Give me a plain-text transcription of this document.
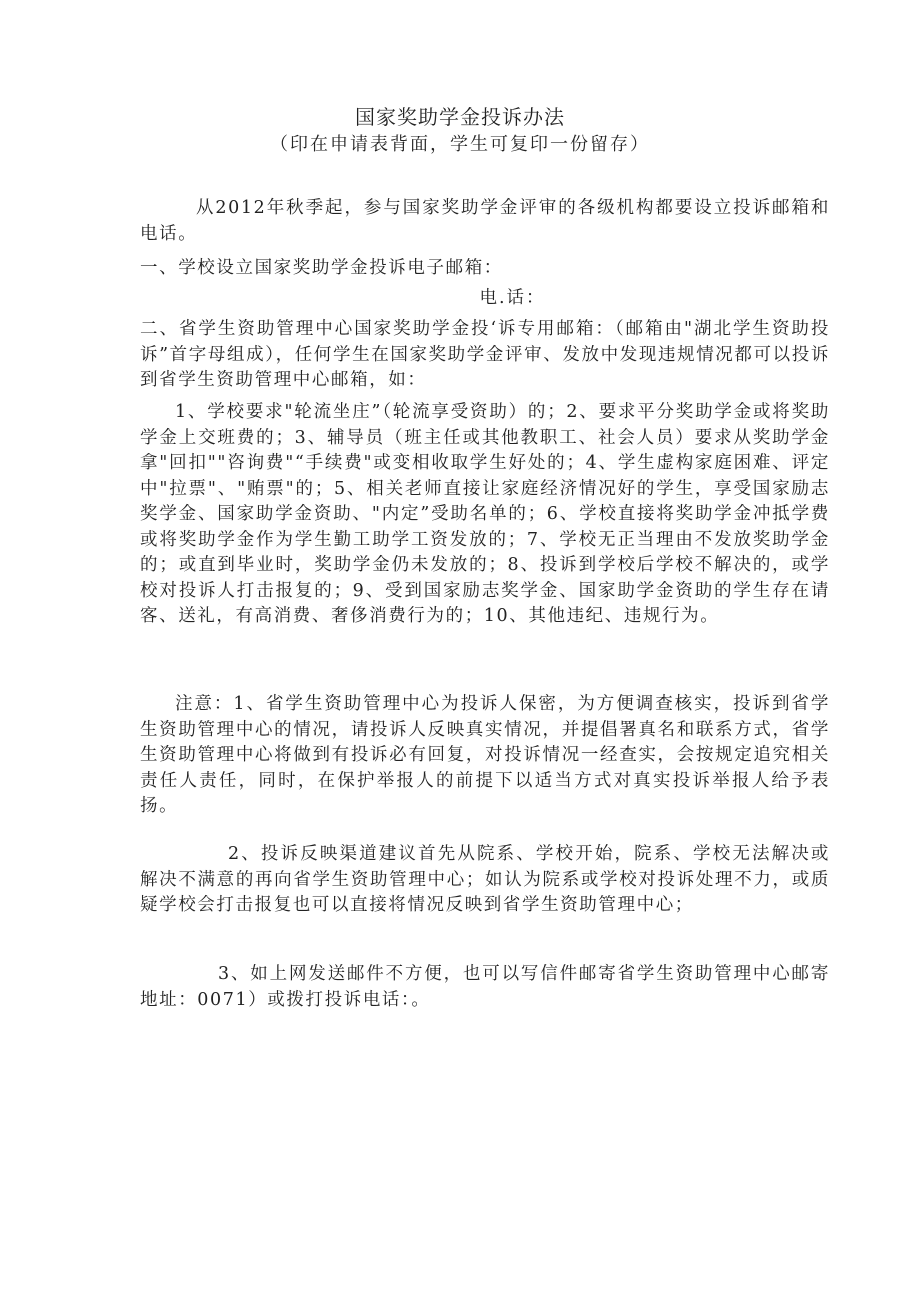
国家奖助学金投诉办法
（印在申请表背面，学生可复印一份留存）

从2012年秋季起，参与国家奖助学金评审的各级机构都要设立投诉邮箱和电话。

一、学校设立国家奖助学金投诉电子邮箱：

电.话：

二、省学生资助管理中心国家奖助学金投‘诉专用邮箱：（邮箱由"湖北学生资助投诉”首字母组成），任何学生在国家奖助学金评审、发放中发现违规情况都可以投诉到省学生资助管理中心邮箱，如：

1、学校要求"轮流坐庄”（轮流享受资助）的；2、要求平分奖助学金或将奖助学金上交班费的；3、辅导员（班主任或其他教职工、社会人员）要求从奖助学金拿"回扣""咨询费"“手续费"或变相收取学生好处的；4、学生虚构家庭困难、评定中"拉票"、"贿票"的；5、相关老师直接让家庭经济情况好的学生，享受国家励志奖学金、国家助学金资助、"内定”受助名单的；6、学校直接将奖助学金冲抵学费或将奖助学金作为学生勤工助学工资发放的；7、学校无正当理由不发放奖助学金的；或直到毕业时，奖助学金仍未发放的；8、投诉到学校后学校不解决的，或学校对投诉人打击报复的；9、受到国家励志奖学金、国家助学金资助的学生存在请客、送礼，有高消费、奢侈消费行为的；10、其他违纪、违规行为。

注意：1、省学生资助管理中心为投诉人保密，为方便调查核实，投诉到省学生资助管理中心的情况，请投诉人反映真实情况，并提倡署真名和联系方式，省学生资助管理中心将做到有投诉必有回复，对投诉情况一经查实，会按规定追究相关责任人责任，同时，在保护举报人的前提下以适当方式对真实投诉举报人给予表扬。

2、投诉反映渠道建议首先从院系、学校开始，院系、学校无法解决或解决不满意的再向省学生资助管理中心；如认为院系或学校对投诉处理不力，或质疑学校会打击报复也可以直接将情况反映到省学生资助管理中心；

3、如上网发送邮件不方便，也可以写信件邮寄省学生资助管理中心邮寄地址：0071）或拨打投诉电话：。
